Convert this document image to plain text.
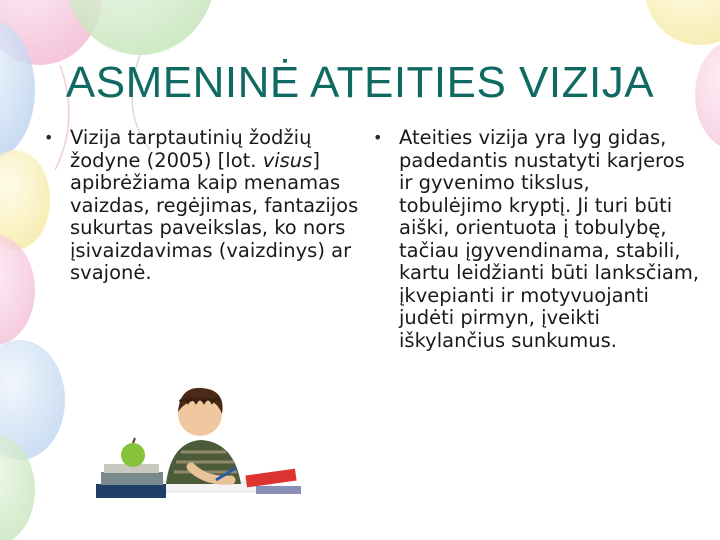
ASMENINĖ ATEITIES VIZIJA
• Vizija tarptautinių žodžių žodyne (2005) [lot. visus] apibrėžiama kaip menamas vaizdas, regėjimas, fantazijos sukurtas paveikslas, ko nors įsivaizdavimas (vaizdinys) ar svajonė.
• Ateities vizija yra lyg gidas, padedantis nustatyti karjeros ir gyvenimo tikslus, tobulėjimo kryptį. Ji turi būti aiški, orientuota į tobulybę, tačiau įgyvendinama, stabili, kartu leidžianti būti lanksčiam, įkvepianti ir motyvuojanti judėti pirmyn, įveikti iškylančius sunkumus.
